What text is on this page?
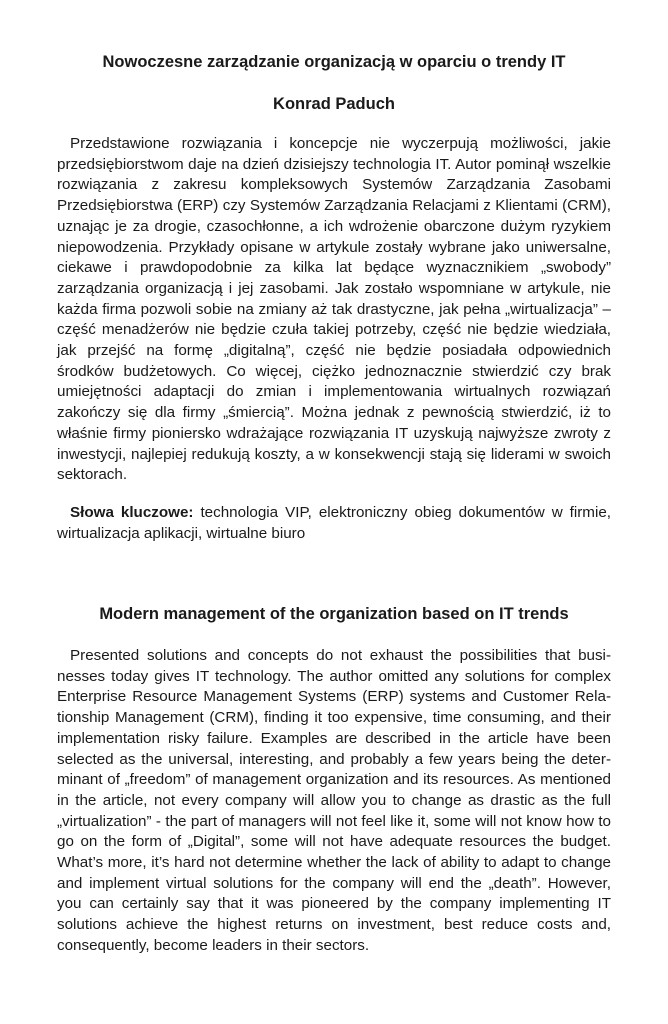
Nowoczesne zarządzanie organizacją w oparciu o trendy IT
Konrad Paduch

Przedstawione rozwiązania i koncepcje nie wyczerpują możliwości, jakie przedsiębiorstwom daje na dzień dzisiejszy technologia IT. Autor pominął wszelkie rozwiązania z zakresu kompleksowych Systemów Zarządzania Zasobami Przedsiębiorstwa (ERP) czy Systemów Zarządzania Relacjami z Klientami (CRM), uznając je za drogie, czasochłonne, a ich wdrożenie obarczone dużym ryzykiem niepowodzenia. Przykłady opisane w artykule zostały wybrane jako uniwersalne, ciekawe i prawdopodobnie za kilka lat będące wyznacznikiem „swobody” zarządzania organizacją i jej zasobami. Jak zostało wspomniane w artykule, nie każda firma pozwoli sobie na zmiany aż tak drastyczne, jak pełna „wirtualizacja” – część menadżerów nie będzie czuła takiej potrzeby, część nie będzie wiedziała, jak przejść na formę „digitalną”, część nie będzie posiadała odpowiednich środków budżetowych. Co więcej, ciężko jednoznacznie stwierdzić czy brak umiejętności adaptacji do zmian i implementowania wirtualnych rozwiązań zakończy się dla firmy „śmiercią”. Można jednak z pewnością stwierdzić, iż to właśnie firmy pioniersko wdrażające rozwiązania IT uzyskują najwyższe zwroty z inwestycji, najlepiej redukują koszty, a w konsekwencji stają się liderami w swoich sektorach.

Słowa kluczowe: technologia VIP, elektroniczny obieg dokumentów w firmie, wirtualizacja aplikacji, wirtualne biuro

Modern management of the organization based on IT trends

Presented solutions and concepts do not exhaust the possibilities that businesses today gives IT technology. The author omitted any solutions for complex Enterprise Resource Management Systems (ERP) systems and Customer Relationship Management (CRM), finding it too expensive, time consuming, and their implementation risky failure. Examples are described in the article have been selected as the universal, interesting, and probably a few years being the determinant of „freedom” of management organization and its resources. As mentioned in the article, not every company will allow you to change as drastic as the full „virtualization” - the part of managers will not feel like it, some will not know how to go on the form of „Digital”, some will not have adequate resources the budget. What’s more, it’s hard not determine whether the lack of ability to adapt to change and implement virtual solutions for the company will end the „death”. However, you can certainly say that it was pioneered by the company implementing IT solutions achieve the highest returns on investment, best reduce costs and, consequently, become leaders in their sectors.
